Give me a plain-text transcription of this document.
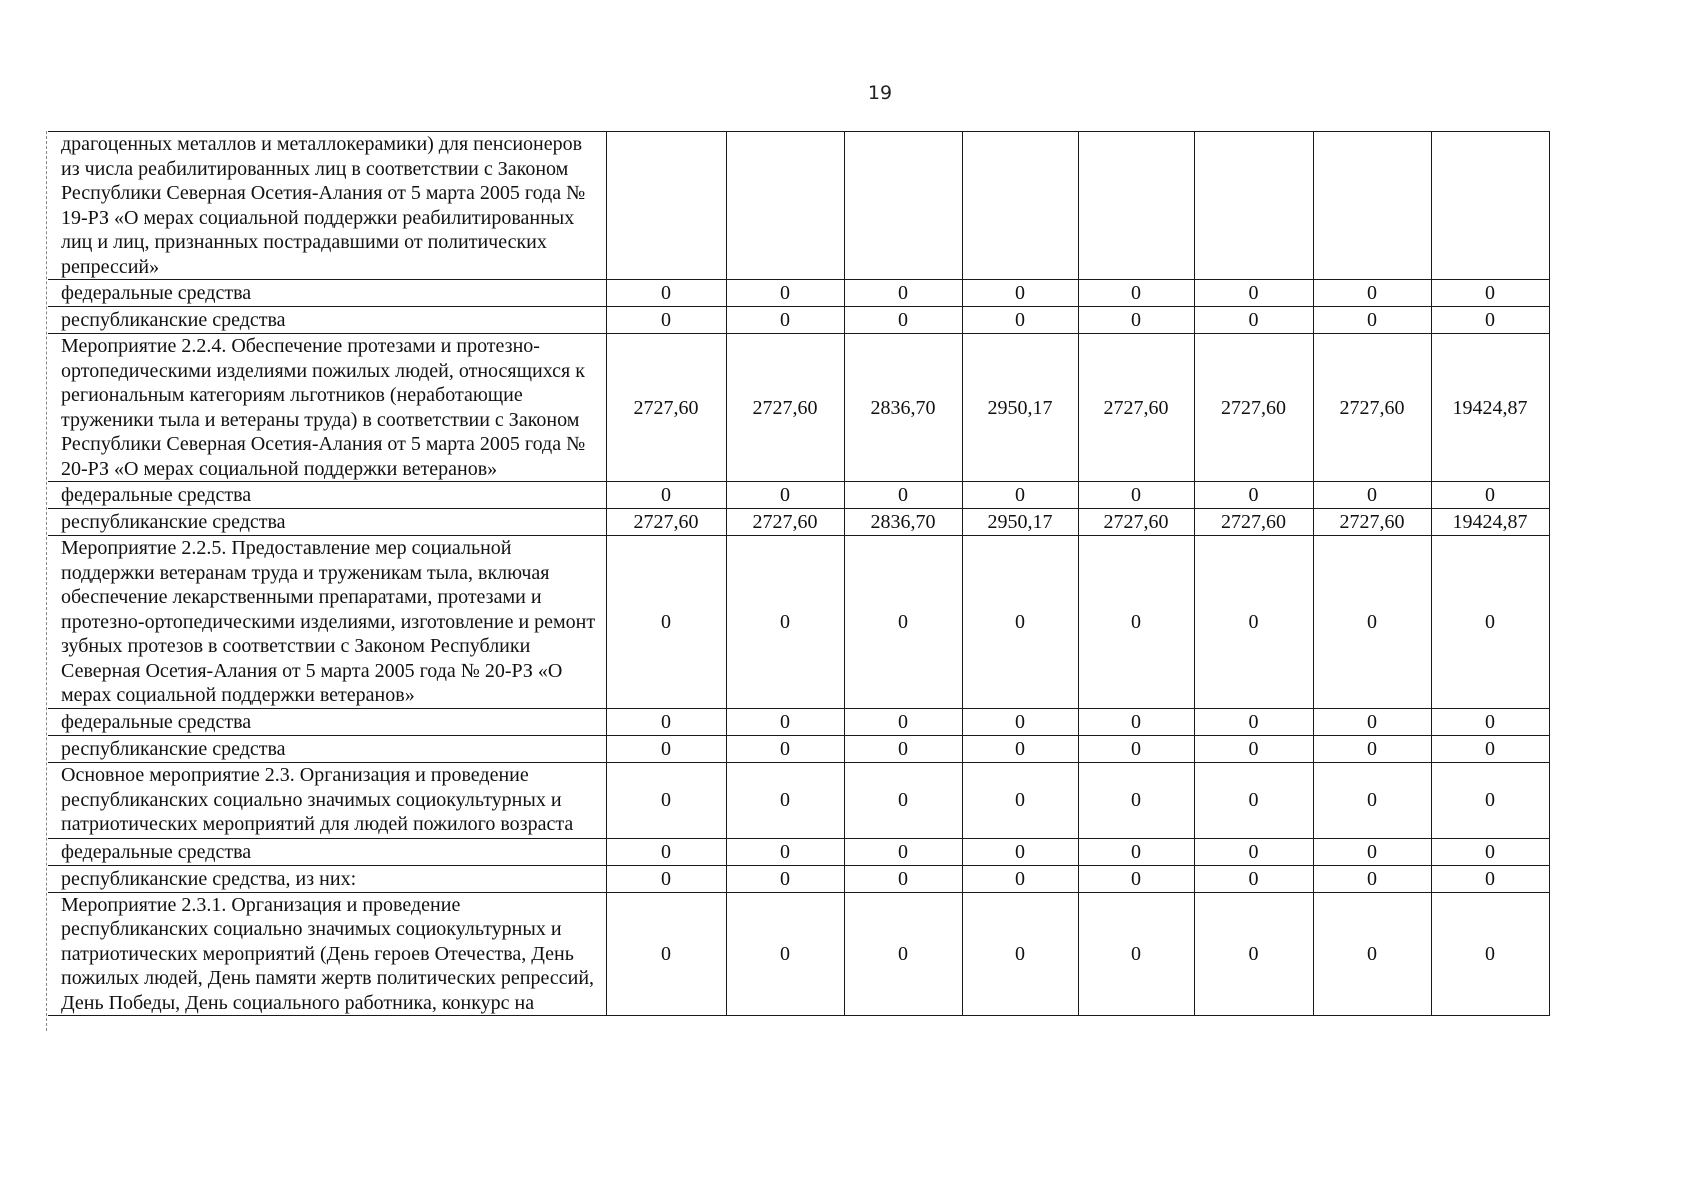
19
драгоценных металлов и металлокерамики) для пенсионеров из числа реабилитированных лиц в соответствии с Законом Республики Северная Осетия-Алания от 5 марта 2005 года № 19-РЗ «О мерах социальной поддержки реабилитированных лиц и лиц, признанных пострадавшими от политических репрессий»									
федеральные средства	0	0	0	0	0	0	0	0	
республиканские средства	0	0	0	0	0	0	0	0	
Мероприятие 2.2.4. Обеспечение протезами и протезно-ортопедическими изделиями пожилых людей, относящихся к региональным категориям льготников (неработающие труженики тыла и ветераны труда) в соответствии с Законом Республики Северная Осетия-Алания от 5 марта 2005 года № 20-РЗ «О мерах социальной поддержки ветеранов»	2727,60	2727,60	2836,70	2950,17	2727,60	2727,60	2727,60	19424,87	
федеральные средства	0	0	0	0	0	0	0	0	
республиканские средства	2727,60	2727,60	2836,70	2950,17	2727,60	2727,60	2727,60	19424,87	
Мероприятие 2.2.5. Предоставление мер социальной поддержки ветеранам труда и труженикам тыла, включая обеспечение лекарственными препаратами, протезами и протезно-ортопедическими изделиями, изготовление и ремонт зубных протезов в соответствии с Законом Республики Северная Осетия-Алания от 5 марта 2005 года № 20-РЗ «О мерах социальной поддержки ветеранов»	0	0	0	0	0	0	0	0	
федеральные средства	0	0	0	0	0	0	0	0	
республиканские средства	0	0	0	0	0	0	0	0	
Основное мероприятие 2.3. Организация и проведение республиканских социально значимых социокультурных и патриотических мероприятий для людей пожилого возраста	0	0	0	0	0	0	0	0	
федеральные средства	0	0	0	0	0	0	0	0	
республиканские средства, из них:	0	0	0	0	0	0	0	0	
Мероприятие 2.3.1. Организация и проведение республиканских социально значимых социокультурных и патриотических мероприятий (День героев Отечества, День пожилых людей, День памяти жертв политических репрессий, День Победы, День социального работника, конкурс на	0	0	0	0	0	0	0	0	
